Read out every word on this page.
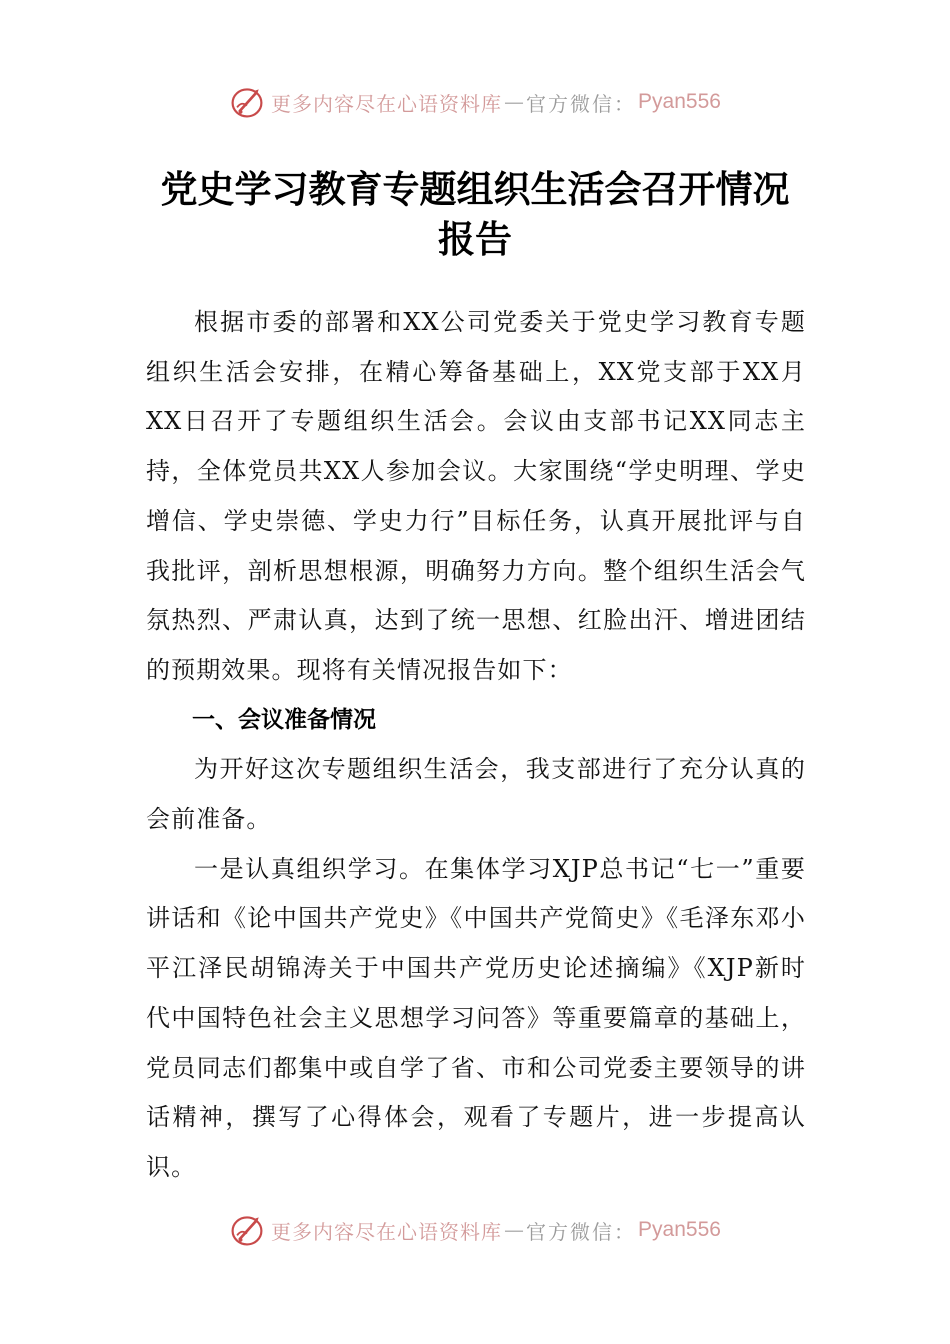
更多内容尽在心语资料库 — 官方微信： Pyan556
党史学习教育专题组织生活会召开情况报告

根据市委的部署和XX公司党委关于党史学习教育专题组织生活会安排，在精心筹备基础上，XX党支部于XX月XX日召开了专题组织生活会。会议由支部书记XX同志主持，全体党员共XX人参加会议。大家围绕“学史明理、学史增信、学史崇德、学史力行”目标任务，认真开展批评与自我批评，剖析思想根源，明确努力方向。整个组织生活会气氛热烈、严肃认真，达到了统一思想、红脸出汗、增进团结的预期效果。现将有关情况报告如下：

一、会议准备情况

为开好这次专题组织生活会，我支部进行了充分认真的会前准备。

一是认真组织学习。在集体学习XJP总书记“七一”重要讲话和《论中国共产党史》《中国共产党简史》《毛泽东邓小平江泽民胡锦涛关于中国共产党历史论述摘编》《XJP新时代中国特色社会主义思想学习问答》等重要篇章的基础上，党员同志们都集中或自学了省、市和公司党委主要领导的讲话精神，撰写了心得体会，观看了专题片，进一步提高认识。

更多内容尽在心语资料库 — 官方微信： Pyan556
